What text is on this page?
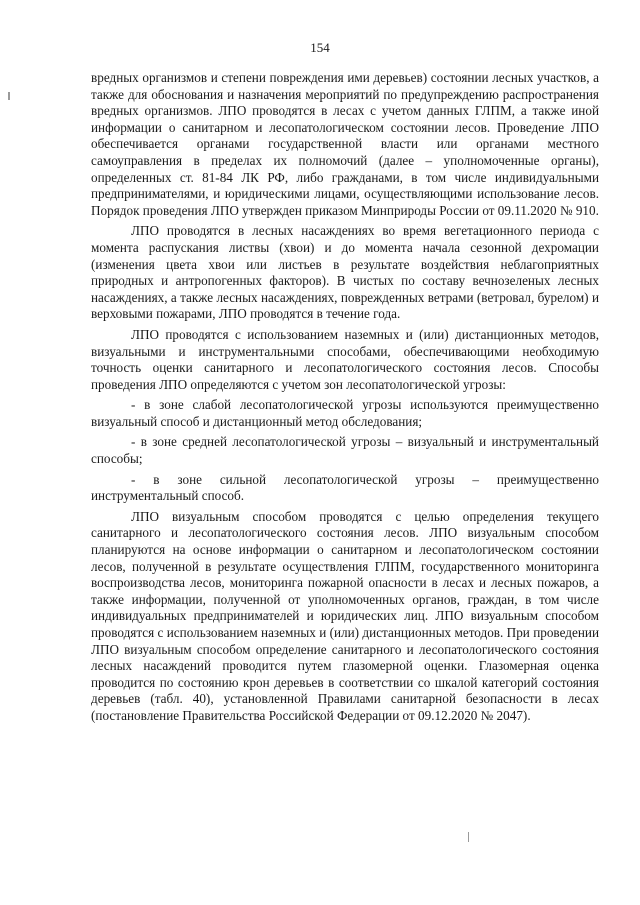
154

вредных организмов и степени повреждения ими деревьев) состоянии лесных участков, а также для обоснования и назначения мероприятий по предупреждению распространения вредных организмов. ЛПО проводятся в лесах с учетом данных ГЛПМ, а также иной информации о санитарном и лесопатологическом состоянии лесов. Проведение ЛПО обеспечивается органами государственной власти или органами местного самоуправления в пределах их полномочий (далее – уполномоченные органы), определенных ст. 81-84 ЛК РФ, либо гражданами, в том числе индивидуальными предпринимателями, и юридическими лицами, осуществляющими использование лесов. Порядок проведения ЛПО утвержден приказом Минприроды России от 09.11.2020 № 910.

ЛПО проводятся в лесных насаждениях во время вегетационного периода с момента распускания листвы (хвои) и до момента начала сезонной дехромации (изменения цвета хвои или листьев в результате воздействия неблагоприятных природных и антропогенных факторов). В чистых по составу вечнозеленых лесных насаждениях, а также лесных насаждениях, поврежденных ветрами (ветровал, бурелом) и верховыми пожарами, ЛПО проводятся в течение года.

ЛПО проводятся с использованием наземных и (или) дистанционных методов, визуальными и инструментальными способами, обеспечивающими необходимую точность оценки санитарного и лесопатологического состояния лесов. Способы проведения ЛПО определяются с учетом зон лесопатологической угрозы:

- в зоне слабой лесопатологической угрозы используются преимущественно визуальный способ и дистанционный метод обследования;

- в зоне средней лесопатологической угрозы – визуальный и инструментальный способы;

- в зоне сильной лесопатологической угрозы – преимущественно инструментальный способ.

ЛПО визуальным способом проводятся с целью определения текущего санитарного и лесопатологического состояния лесов. ЛПО визуальным способом планируются на основе информации о санитарном и лесопатологическом состоянии лесов, полученной в результате осуществления ГЛПМ, государственного мониторинга воспроизводства лесов, мониторинга пожарной опасности в лесах и лесных пожаров, а также информации, полученной от уполномоченных органов, граждан, в том числе индивидуальных предпринимателей и юридических лиц. ЛПО визуальным способом проводятся с использованием наземных и (или) дистанционных методов. При проведении ЛПО визуальным способом определение санитарного и лесопатологического состояния лесных насаждений проводится путем глазомерной оценки. Глазомерная оценка проводится по состоянию крон деревьев в соответствии со шкалой категорий состояния деревьев (табл. 40), установленной Правилами санитарной безопасности в лесах (постановление Правительства Российской Федерации от 09.12.2020 № 2047).
